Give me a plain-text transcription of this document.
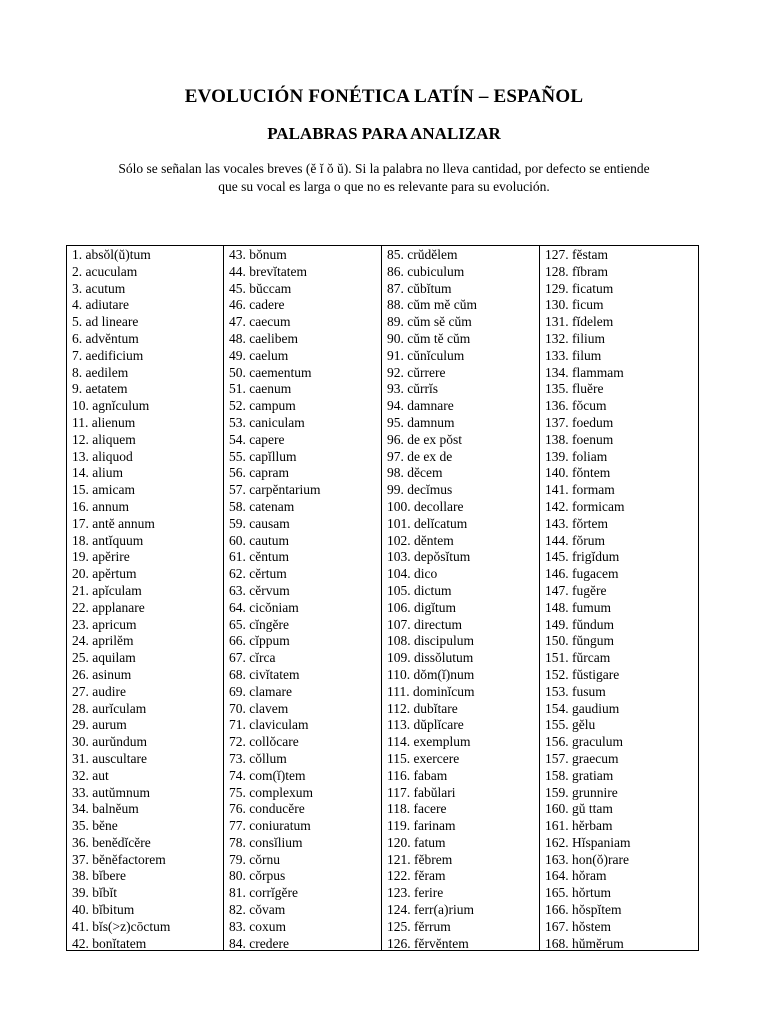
EVOLUCIÓN FONÉTICA LATÍN – ESPAÑOL
PALABRAS PARA ANALIZAR

Sólo se señalan las vocales breves (ĕ ĭ ŏ ŭ). Si la palabra no lleva cantidad, por defecto se entiende

que su vocal es larga o que no es relevante para su evolución.

1. absŏl(ŭ)tum
2. acuculam
3. acutum
4. adiutare
5. ad lineare
6. advĕntum
7. aedificium
8. aedilem
9. aetatem
10. agnĭculum
11. alienum
12. aliquem
13. aliquod
14. alium
15. amicam
16. annum
17. antĕ annum
18. antĭquum
19. apĕrire
20. apĕrtum
21. apĭculam
22. applanare
23. apricum
24. aprilĕm
25. aquilam
26. asinum
27. audire
28. aurĭculam
29. aurum
30. aurŭndum
31. auscultare
32. aut
33. autŭmnum
34. balnĕum
35. bĕne
36. benĕdĭcĕre
37. bĕnĕfactorem
38. bĭbere
39. bĭbĭt
40. bĭbitum
41. bĭs(>z)cōctum
42. bonĭtatem
43. bŏnum
44. brevĭtatem
45. bŭccam
46. cadere
47. caecum
48. caelibem
49. caelum
50. caementum
51. caenum
52. campum
53. caniculam
54. capere
55. capĭllum
56. capram
57. carpĕntarium
58. catenam
59. causam
60. cautum
61. cĕntum
62. cĕrtum
63. cĕrvum
64. cicŏniam
65. cĭngĕre
66. cĭppum
67. cĭrca
68. civĭtatem
69. clamare
70. clavem
71. claviculam
72. collŏcare
73. cŏllum
74. com(ĭ)tem
75. complexum
76. conducĕre
77. coniuratum
78. consĭlium
79. cŏrnu
80. cŏrpus
81. corrĭgĕre
82. cŏvam
83. coxum
84. credere
85. crŭdĕlem
86. cubiculum
87. cŭbĭtum
88. cŭm mĕ cŭm
89. cŭm sĕ cŭm
90. cŭm tĕ cŭm
91. cŭnĭculum
92. cŭrrere
93. cŭrrĭs
94. damnare
95. damnum
96. de ex pŏst
97. de ex de
98. dĕcem
99. decĭmus
100. decollare
101. delĭcatum
102. dĕntem
103. depŏsĭtum
104. dico
105. dictum
106. digĭtum
107. directum
108. discipulum
109. dissŏlutum
110. dŏm(ĭ)num
111. dominĭcum
112. dubĭtare
113. dŭplĭcare
114. exemplum
115. exercere
116. fabam
117. fabŭlari
118. facere
119. farinam
120. fatum
121. fĕbrem
122. fĕram
123. ferire
124. ferr(a)rium
125. fĕrrum
126. fĕrvĕntem
127. fĕstam
128. fĭbram
129. ficatum
130. ficum
131. fĭdelem
132. filium
133. filum
134. flammam
135. fluĕre
136. fŏcum
137. foedum
138. foenum
139. foliam
140. fŏntem
141. formam
142. formicam
143. fŏrtem
144. fŏrum
145. frigĭdum
146. fugacem
147. fugĕre
148. fumum
149. fŭndum
150. fŭngum
151. fŭrcam
152. fŭstigare
153. fusum
154. gaudium
155. gĕlu
156. graculum
157. graecum
158. gratiam
159. grunnire
160. gŭ ttam
161. hĕrbam
162. Hĭspaniam
163. hon(ŏ)rare
164. hŏram
165. hŏrtum
166. hŏspĭtem
167. hŏstem
168. hŭmĕrum
